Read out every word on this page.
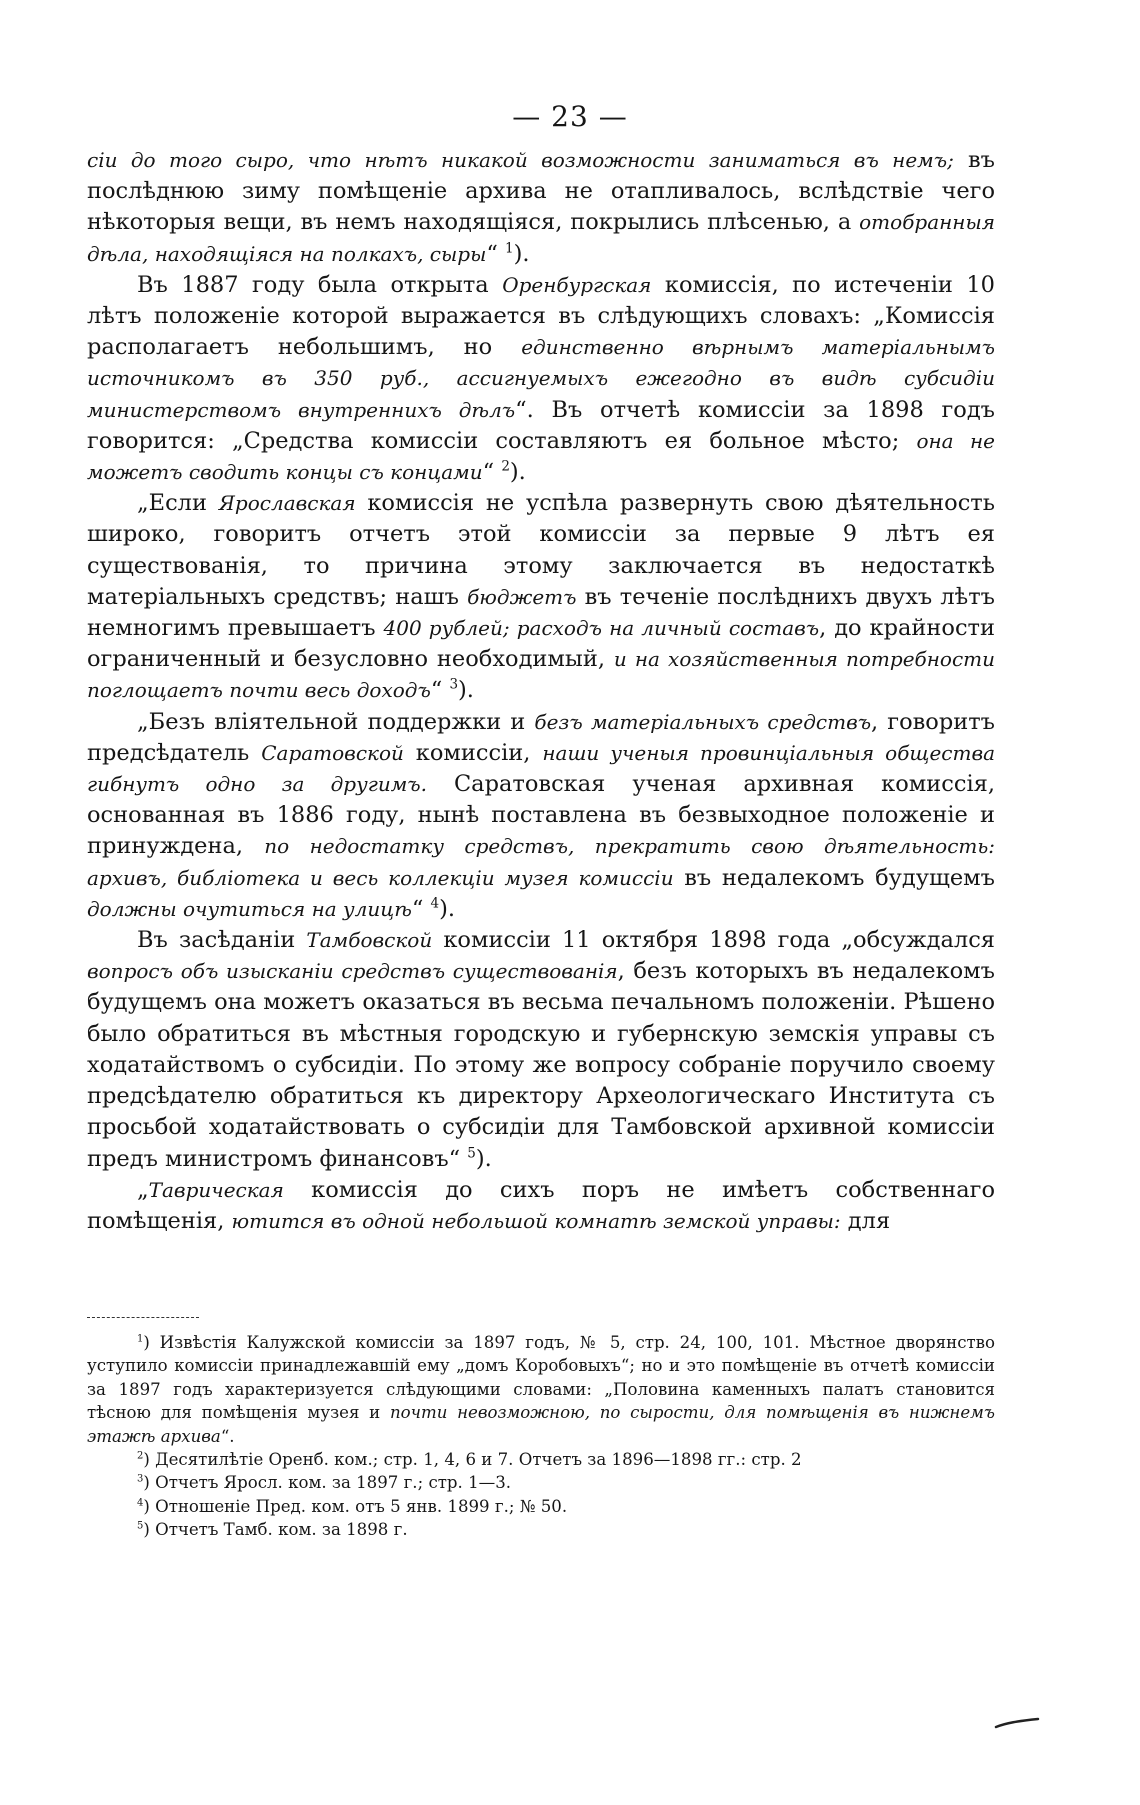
— 23 —

сіи до того сыро, что нѣтъ никакой возможности заниматься въ немъ; въ послѣднюю зиму помѣщеніе архива не отапливалось, вслѣдствіе чего нѣкоторыя вещи, въ немъ находящіяся, покрылись плѣсенью, а отобранныя дѣла, находящіяся на полкахъ, сыры“ $^1$).

Въ 1887 году была открыта Оренбургская комиссія, по истеченіи 10 лѣтъ положеніе которой выражается въ слѣдующихъ словахъ: „Комиссія располагаетъ небольшимъ, но единственно вѣрнымъ матеріальнымъ источникомъ въ 350 руб., ассигнуемыхъ ежегодно въ видѣ субсидіи министерствомъ внутреннихъ дѣлъ“. Въ отчетѣ комиссіи за 1898 годъ говорится: „Средства комиссіи составляютъ ея больное мѣсто; она не можетъ сводить концы съ концами“ $^2$).

„Если Ярославская комиссія не успѣла развернуть свою дѣятельность широко, говоритъ отчетъ этой комиссіи за первые 9 лѣтъ ея существованія, то причина этому заключается въ недостаткѣ матеріальныхъ средствъ; нашъ бюджетъ въ теченіе послѣднихъ двухъ лѣтъ немногимъ превышаетъ 400 рублей; расходъ на личный составъ, до крайности ограниченный и безусловно необходимый, и на хозяйственныя потребности поглощаетъ почти весь доходъ“ $^3$).

„Безъ вліятельной поддержки и безъ матеріальныхъ средствъ, говоритъ предсѣдатель Саратовской комиссіи, наши ученыя провинціальныя общества гибнутъ одно за другимъ. Саратовская ученая архивная комиссія, основанная въ 1886 году, нынѣ поставлена въ безвыходное положеніе и принуждена, по недостатку средствъ, прекратить свою дѣятельность: архивъ, библіотека и весь коллекціи музея комиссіи въ недалекомъ будущемъ должны очутиться на улицѣ“ $^4$).

Въ засѣданіи Тамбовской комиссіи 11 октября 1898 года „обсуждался вопросъ объ изысканіи средствъ существованія, безъ которыхъ въ недалекомъ будущемъ она можетъ оказаться въ весьма печальномъ положеніи. Рѣшено было обратиться въ мѣстныя городскую и губернскую земскія управы съ ходатайствомъ о субсидіи. По этому же вопросу собраніе поручило своему предсѣдателю обратиться къ директору Археологическаго Института съ просьбой ходатайствовать о субсидіи для Тамбовской архивной комиссіи предъ министромъ финансовъ“ $^5$).

„Таврическая комиссія до сихъ поръ не имѣетъ собственнаго помѣщенія, ютится въ одной небольшой комнатѣ земской управы: для

$^1$) Извѣстія Калужской комиссіи за 1897 годъ, № 5, стр. 24, 100, 101. Мѣстное дворянство уступило комиссіи принадлежавшій ему „домъ Коробовыхъ“; но и это помѣщеніе въ отчетѣ комиссіи за 1897 годъ характеризуется слѣдующими словами: „Половина каменныхъ палатъ становится тѣсною для помѣщенія музея и почти невозможною, по сырости, для помѣщенія въ нижнемъ этажѣ архива“.

$^2$) Десятилѣтіе Оренб. ком.; стр. 1, 4, 6 и 7. Отчетъ за 1896—1898 гг.: стр. 2

$^3$) Отчетъ Яросл. ком. за 1897 г.; стр. 1—3.

$^4$) Отношеніе Пред. ком. отъ 5 янв. 1899 г.; № 50.

$^5$) Отчетъ Тамб. ком. за 1898 г.
